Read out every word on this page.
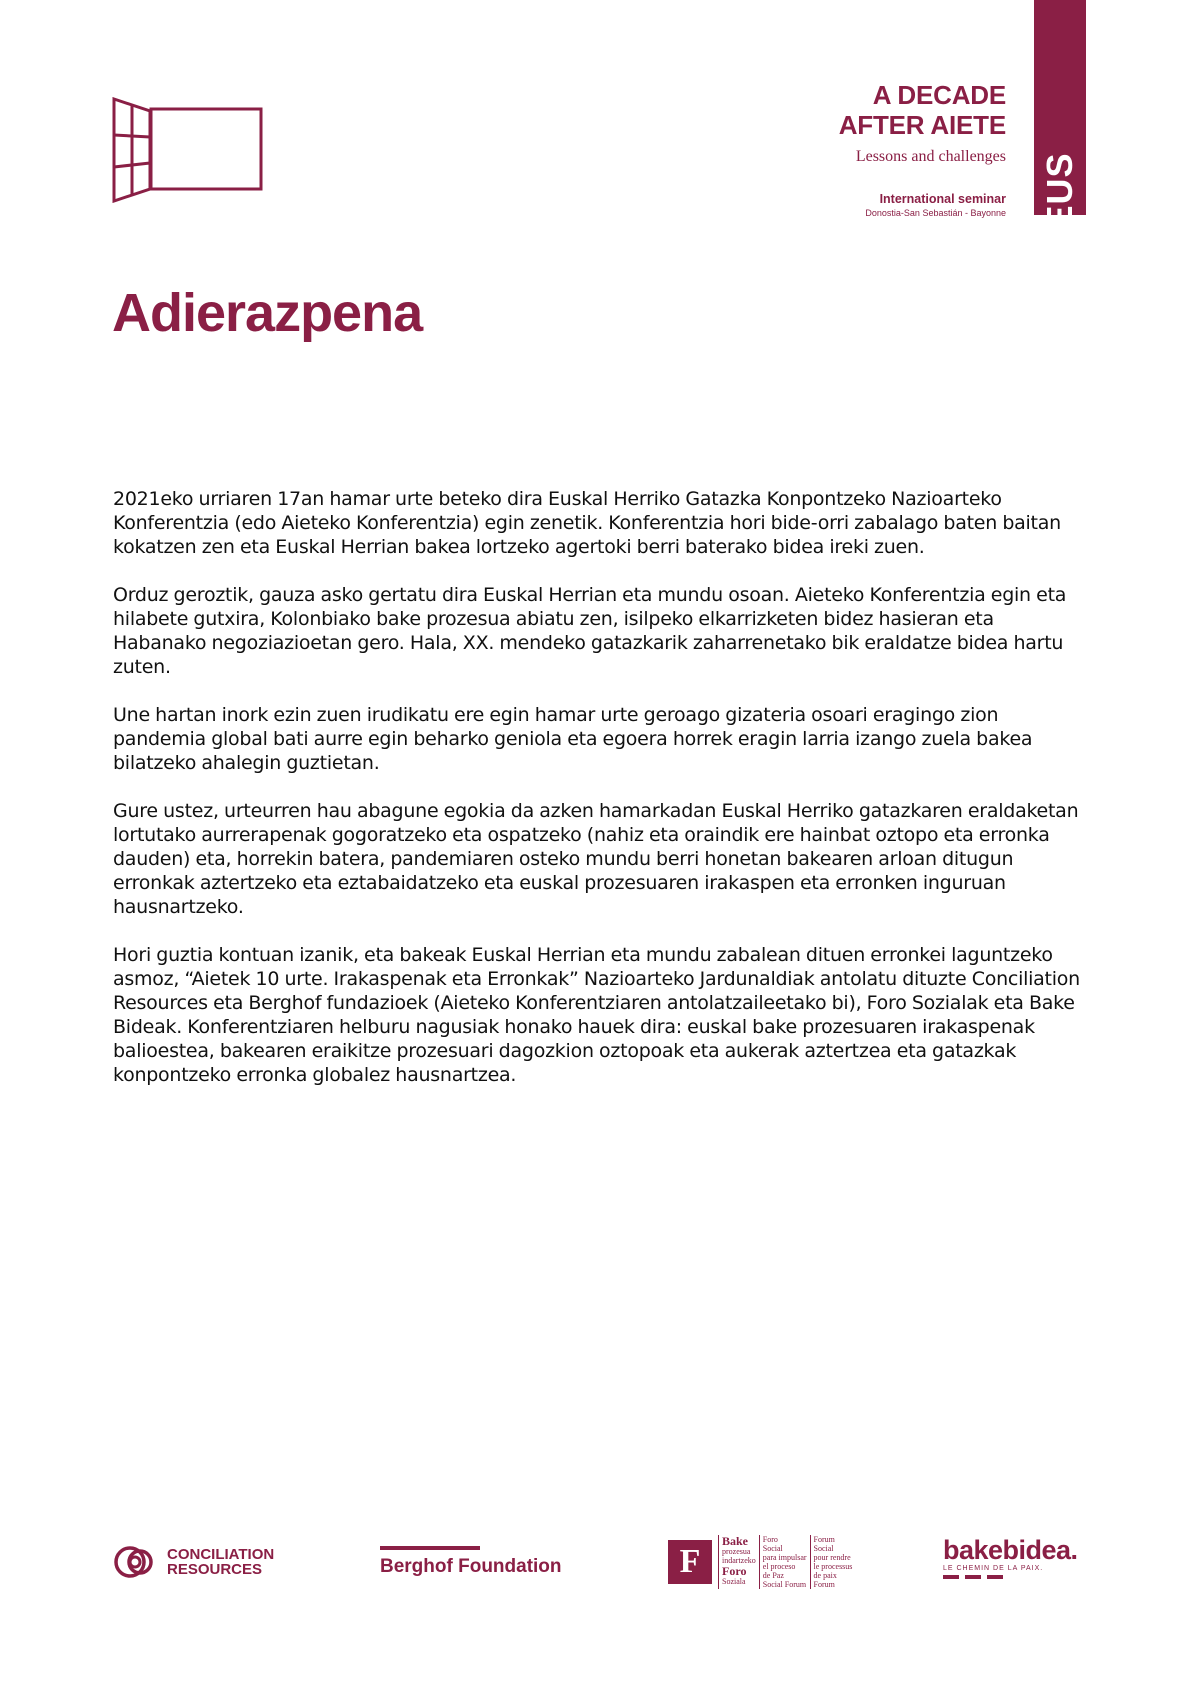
A DECADE
AFTER AIETE
Lessons and challenges
International seminar
Donostia-San Sebastián - Bayonne EUS
Adierazpena

2021eko urriaren 17an hamar urte beteko dira Euskal Herriko Gatazka Konpontzeko Nazioarteko Konferentzia (edo Aieteko Konferentzia) egin zenetik. Konferentzia hori bide-orri zabalago baten baitan kokatzen zen eta Euskal Herrian bakea lortzeko agertoki berri baterako bidea ireki zuen.

Orduz geroztik, gauza asko gertatu dira Euskal Herrian eta mundu osoan. Aieteko Konferentzia egin eta hilabete gutxira, Kolonbiako bake prozesua abiatu zen, isilpeko elkarrizketen bidez hasieran eta Habanako negoziazioetan gero. Hala, XX. mendeko gatazkarik zaharrenetako bik eraldatze bidea hartu zuten.

Une hartan inork ezin zuen irudikatu ere egin hamar urte geroago gizateria osoari eragingo zion pandemia global bati aurre egin beharko geniola eta egoera horrek eragin larria izango zuela bakea bilatzeko ahalegin guztietan.

Gure ustez, urteurren hau abagune egokia da azken hamarkadan Euskal Herriko gatazkaren eraldaketan lortutako aurrerapenak gogoratzeko eta ospatzeko (nahiz eta oraindik ere hainbat oztopo eta erronka dauden) eta, horrekin batera, pandemiaren osteko mundu berri honetan bakearen arloan ditugun erronkak aztertzeko eta eztabaidatzeko eta euskal prozesuaren irakaspen eta erronken inguruan hausnartzeko.

Hori guztia kontuan izanik, eta bakeak Euskal Herrian eta mundu zabalean dituen erronkei laguntzeko asmoz, “Aietek 10 urte. Irakaspenak eta Erronkak” Nazioarteko Jardunaldiak antolatu dituzte Conciliation Resources eta Berghof fundazioek (Aieteko Konferentziaren antolatzaileetako bi), Foro Sozialak eta Bake Bideak. Konferentziaren helburu nagusiak honako hauek dira: euskal bake prozesuaren irakaspenak balioestea, bakearen eraikitze prozesuari dagozkion oztopoak eta aukerak aztertzea eta gatazkak konpontzeko erronka globalez hausnartzea.

CONCILIATION
RESOURCES	Berghof Foundation	F
Bake
prozesua
indartzeko
Foro
Soziala
Foro
Social
para impulsar
el proceso
de Paz
Social Forum
Forum
Social
pour rendre
le processus
de paix
Forum
bakebidea.
LE CHEMIN DE LA PAIX.
